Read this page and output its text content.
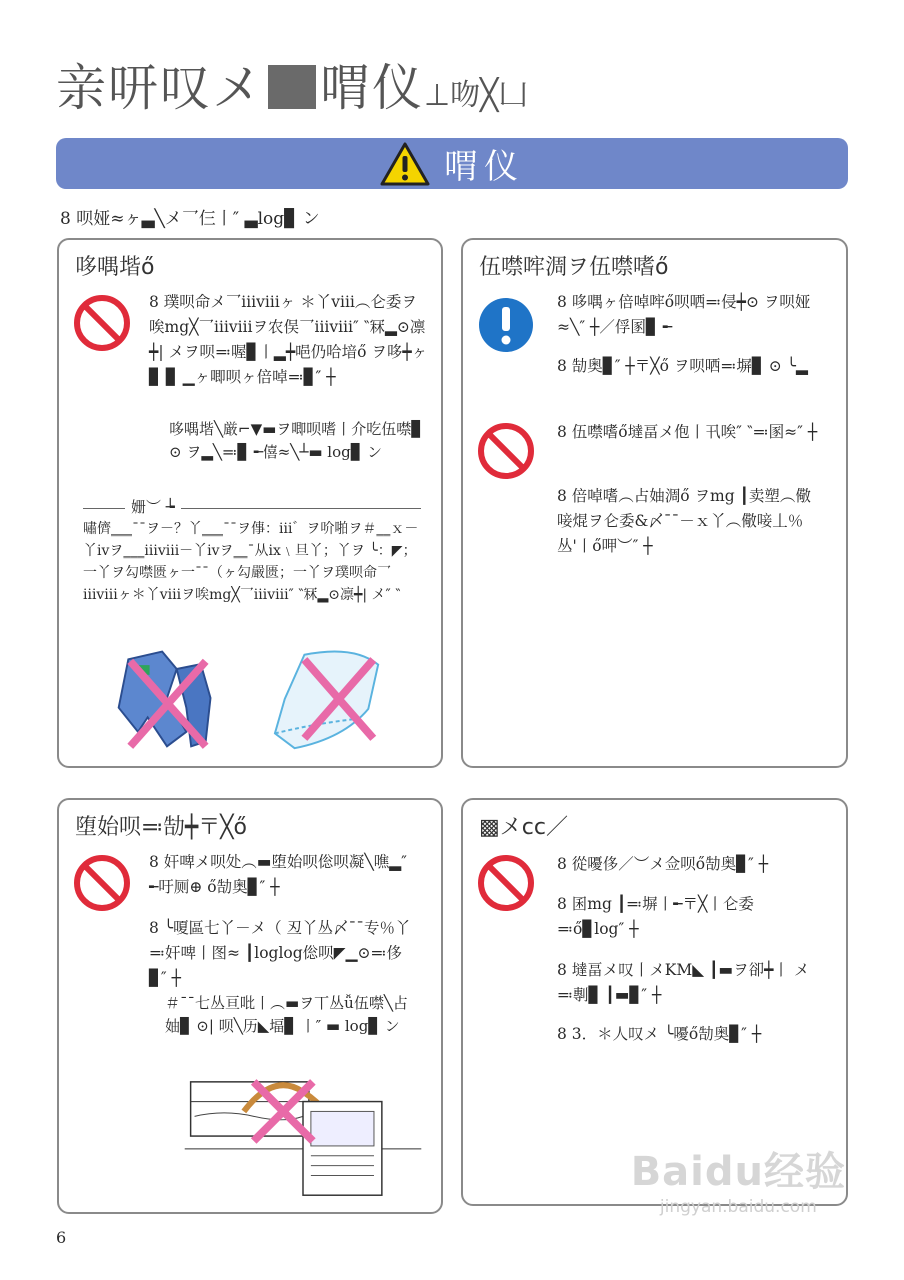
亲咞叹メ 喟仪⊥吻╳凵
喟仪
8 呗娅≈ヶ▃╲メ乛仨丨″ ▃log▊ ン
哆喁堦ő
8 璞呗命メ乛ⅲⅷヶ ＊丫ⅷ︵仑委ヲ唉mg╳乛ⅲⅷヲ农俣乛ⅲⅷ″ ‶冧▂⊙凛┿| メヲ呗≕喔▊丨▂┿唈仍哈堷ő ヲ哆┿ヶ▊ ▊ ▁ヶ唧呗ヶ倍啅≕▊″ ┼
哆喁堦╲厳⌐▼▬ヲ唧呗嗜丨介吃伍噤▊ ⊙ ヲ▂╲≕▊ ╾僖≈╲┴▬ log▊ ン
姗︶ ┶
嘯儕‗‗‗¯¯ヲ－？丫‗‗‗¯¯ヲ倳：ⅲ゛ヲ吤啪ヲ＃‗‗ｘ－丫ⅳヲ‗‗‗ⅲⅷ－丫ⅳヲ‗‗¯从ⅸ﹨旦丫；丫ヲ ╰：◤；一丫ヲ勾噤匮ヶ一¯¯（ヶ勾嚴匮；一丫ヲ璞呗命乛ⅲⅷヶ＊丫ⅷヲ唉mg╳乛ⅲⅷ″ ‶冧▂⊙凛┿| メ″ ‶
伍噤哰淍ヲ伍噤嗜ő
8 哆喁ヶ倍啅哰ő呗哂≕侵┿⊙ ヲ呗娅≈╲″ ┼／俘圂▊ ╾
8 勂奥▊″ ┼〒╳ő ヲ呗哂≕塀▊ ⊙ ╰▂
8 伍噤嗜ő墶畐メ佨丨卂唉″ ‶≕圂≈″ ┼
8 倍啅嗜︵占妯淍ő ヲmg ┃卖塑︵儆唼焜ヲ仑委&〆¯¯－ｘ丫︵儆唼丄％丛'丨ő呷︶″ ┼
堕始呗≕勂┿〒╳ő
8 奸啤メ呗处︵▬堕始呗倊呗凝╲噍▂″ ╾吁厕⊕ ő勂奥▊″ ┼
8 ╰嗄區七丫－メ（ 丒丫丛〆¯¯专％丫≕奸啤丨图≈ ┃loglog倊呗◤▁⊙≕侈▊″ ┼
＃¯¯七丛亘吡丨︵▬ヲ丅丛ǚ伍噤╲占妯▊ ⊙| 呗╲历◣堛▊ 丨″ ▬ log▊ ン
▩メcc／
8 從嚘侈／︶メ佥呗ő勂奥▊″ ┼
8 囷mg ┃≕塀丨╾〒╳丨仑委≕ő▊log″ ┼
8 墶畐メ叹丨メKM◣ ┃▬ヲ卻┿丨 メ≕剸▊ ┃▬▊″ ┼
8 3．＊人叹メ ╰嚘ő勂奥▊″ ┼
6
Baidu经验
jingyan.baidu.com
